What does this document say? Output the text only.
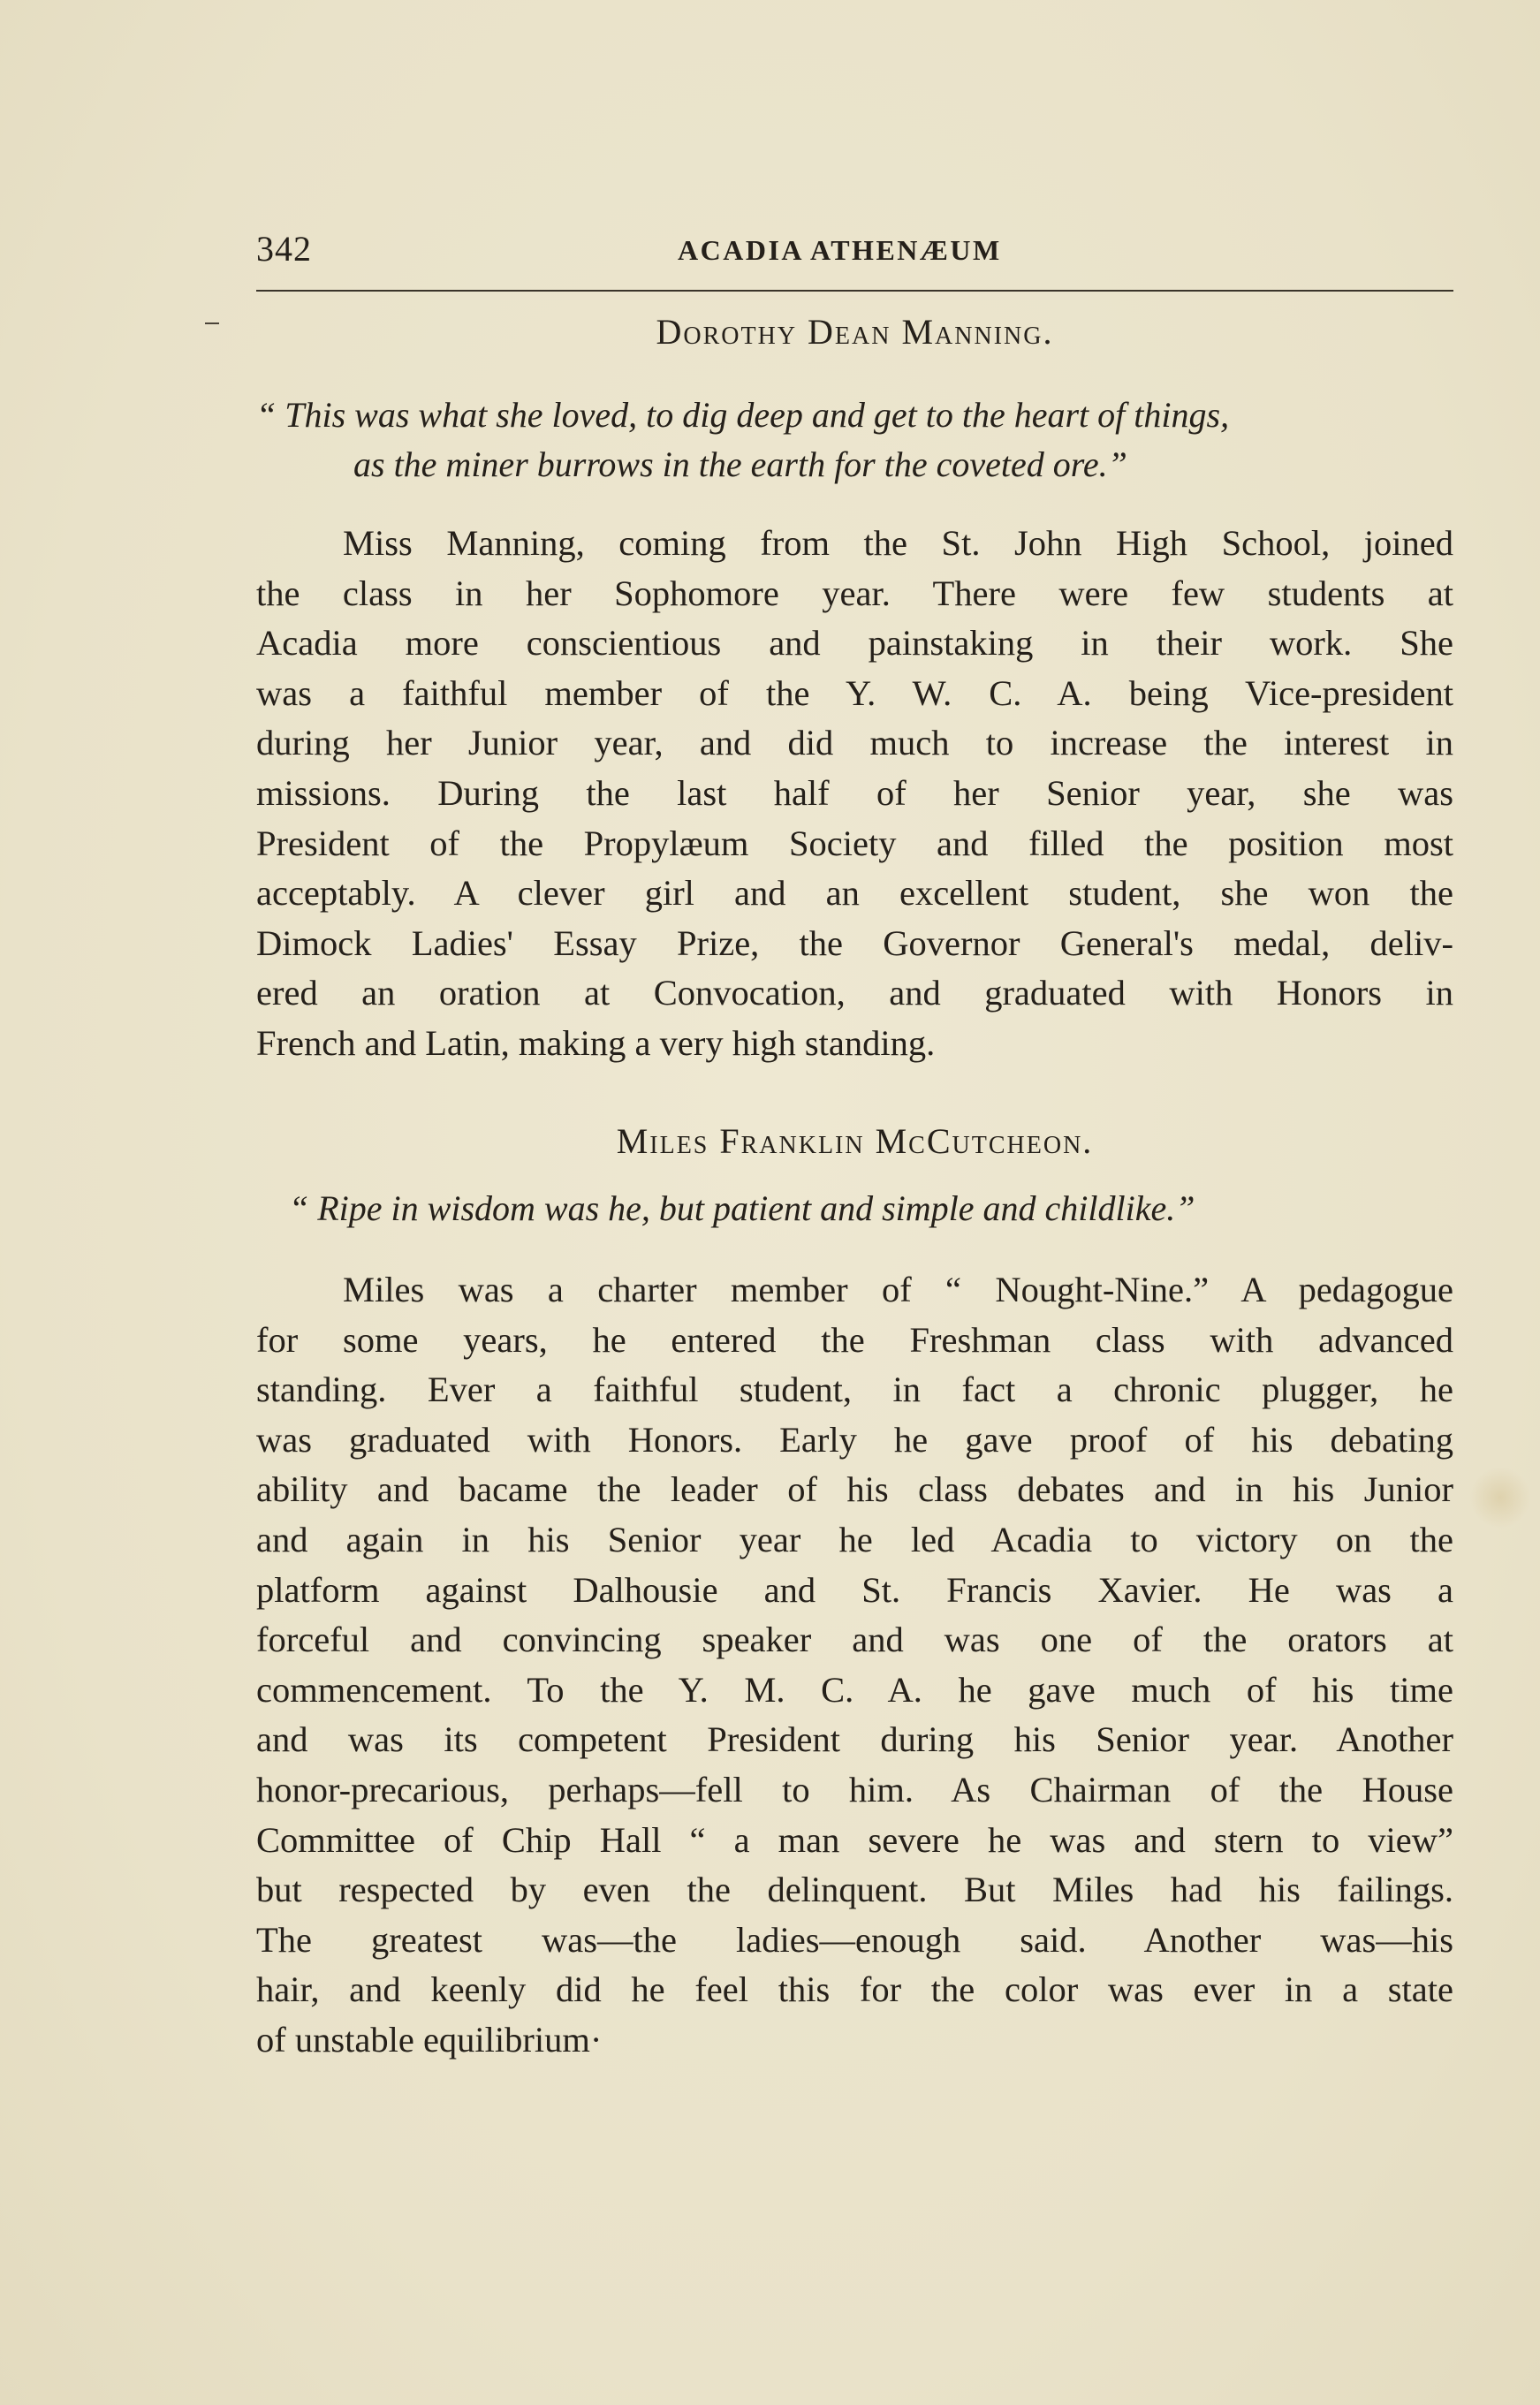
342	ACADIA ATHENÆUM

Dorothy Dean Manning.

“ This was what she loved, to dig deep and get to the heart of things,
as the miner burrows in the earth for the coveted ore.”

Miss Manning, coming from the St. John High School, joined
the class in her Sophomore year. There were few students at
Acadia more conscientious and painstaking in their work. She
was a faithful member of the Y. W. C. A. being Vice-president
during her Junior year, and did much to increase the interest in
missions. During the last half of her Senior year, she was
President of the Propylæum Society and filled the position most
acceptably. A clever girl and an excellent student, she won the
Dimock Ladies' Essay Prize, the Governor General's medal, deliv-
ered an oration at Convocation, and graduated with Honors in
French and Latin, making a very high standing.

Miles Franklin McCutcheon.

“ Ripe in wisdom was he, but patient and simple and childlike.”

Miles was a charter member of “ Nought-Nine.” A pedagogue
for some years, he entered the Freshman class with advanced
standing. Ever a faithful student, in fact a chronic plugger, he
was graduated with Honors. Early he gave proof of his debating
ability and bacame the leader of his class debates and in his Junior
and again in his Senior year he led Acadia to victory on the
platform against Dalhousie and St. Francis Xavier. He was a
forceful and convincing speaker and was one of the orators at
commencement. To the Y. M. C. A. he gave much of his time
and was its competent President during his Senior year. Another
honor-precarious, perhaps—fell to him. As Chairman of the House
Committee of Chip Hall “ a man severe he was and stern to view”
but respected by even the delinquent. But Miles had his failings.
The greatest was—the ladies—enough said. Another was—his
hair, and keenly did he feel this for the color was ever in a state
of unstable equilibrium·
